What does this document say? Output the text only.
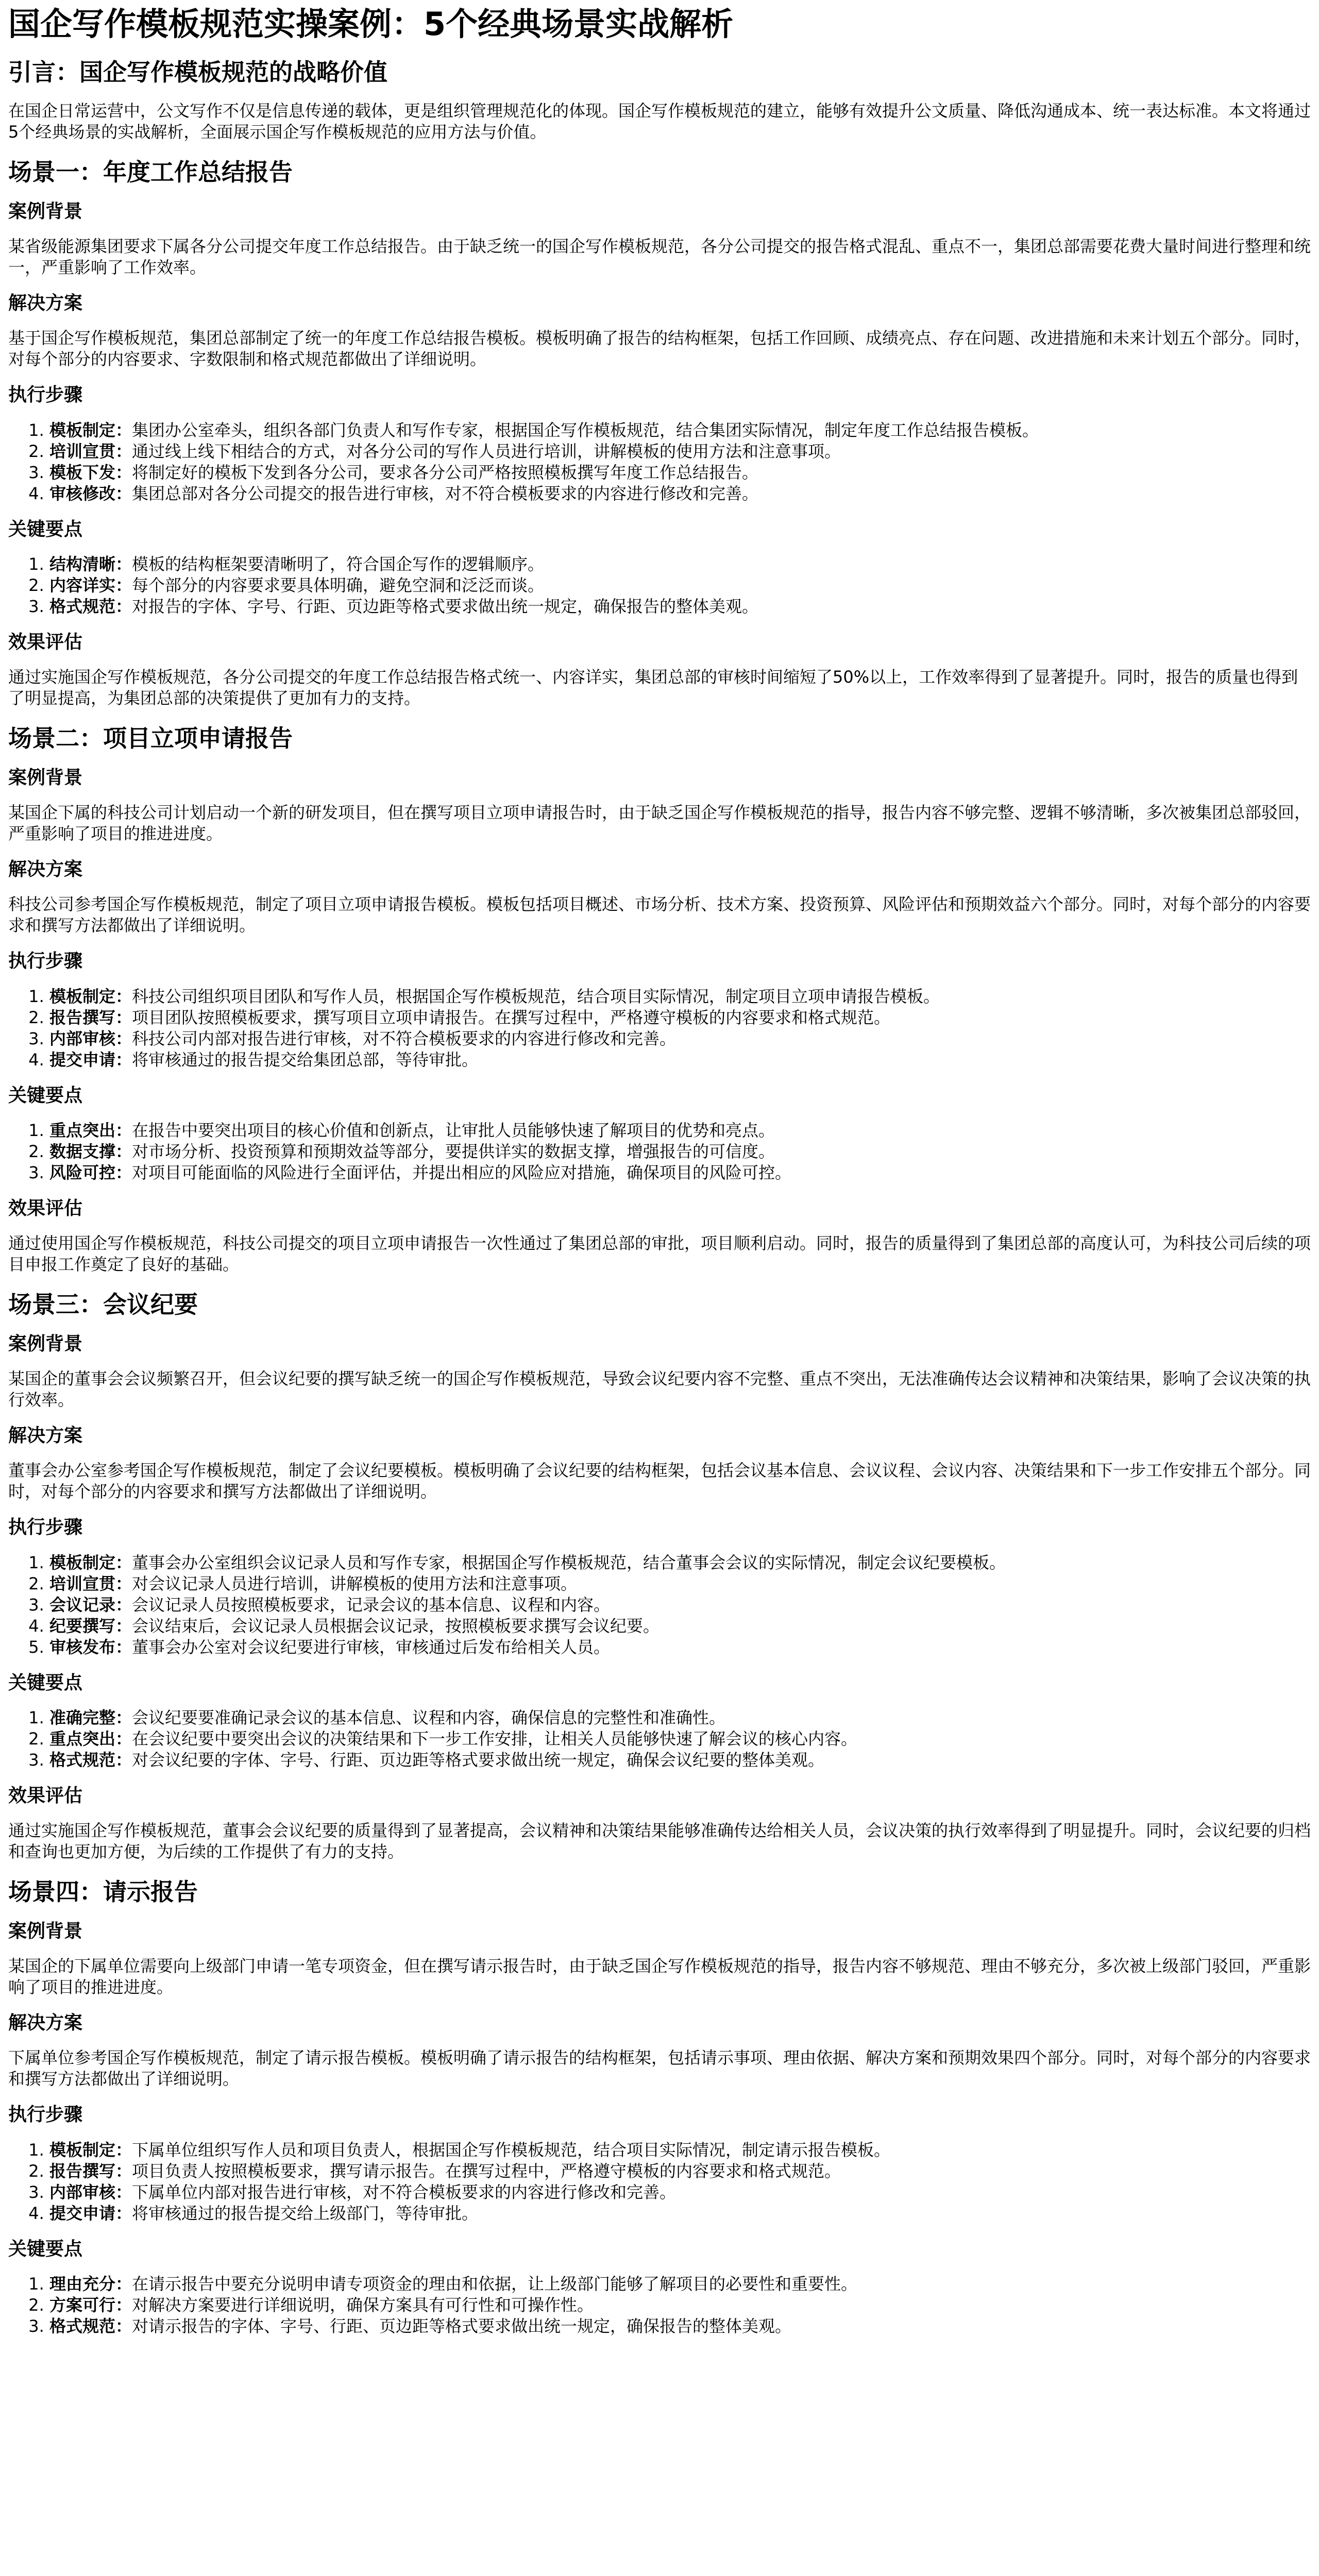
国企写作模板规范实操案例：5个经典场景实战解析
引言：国企写作模板规范的战略价值

在国企日常运营中，公文写作不仅是信息传递的载体，更是组织管理规范化的体现。国企写作模板规范的建立，能够有效提升公文质量、降低沟通成本、统一表达标准。本文将通过5个经典场景的实战解析，全面展示国企写作模板规范的应用方法与价值。

场景一：年度工作总结报告
案例背景

某省级能源集团要求下属各分公司提交年度工作总结报告。由于缺乏统一的国企写作模板规范，各分公司提交的报告格式混乱、重点不一，集团总部需要花费大量时间进行整理和统一，严重影响了工作效率。

解决方案

基于国企写作模板规范，集团总部制定了统一的年度工作总结报告模板。模板明确了报告的结构框架，包括工作回顾、成绩亮点、存在问题、改进措施和未来计划五个部分。同时，对每个部分的内容要求、字数限制和格式规范都做出了详细说明。

执行步骤
1. 模板制定：集团办公室牵头，组织各部门负责人和写作专家，根据国企写作模板规范，结合集团实际情况，制定年度工作总结报告模板。
2. 培训宣贯：通过线上线下相结合的方式，对各分公司的写作人员进行培训，讲解模板的使用方法和注意事项。
3. 模板下发：将制定好的模板下发到各分公司，要求各分公司严格按照模板撰写年度工作总结报告。
4. 审核修改：集团总部对各分公司提交的报告进行审核，对不符合模板要求的内容进行修改和完善。
关键要点
1. 结构清晰：模板的结构框架要清晰明了，符合国企写作的逻辑顺序。
2. 内容详实：每个部分的内容要求要具体明确，避免空洞和泛泛而谈。
3. 格式规范：对报告的字体、字号、行距、页边距等格式要求做出统一规定，确保报告的整体美观。
效果评估

通过实施国企写作模板规范，各分公司提交的年度工作总结报告格式统一、内容详实，集团总部的审核时间缩短了50%以上，工作效率得到了显著提升。同时，报告的质量也得到了明显提高，为集团总部的决策提供了更加有力的支持。

场景二：项目立项申请报告
案例背景

某国企下属的科技公司计划启动一个新的研发项目，但在撰写项目立项申请报告时，由于缺乏国企写作模板规范的指导，报告内容不够完整、逻辑不够清晰，多次被集团总部驳回，严重影响了项目的推进进度。

解决方案

科技公司参考国企写作模板规范，制定了项目立项申请报告模板。模板包括项目概述、市场分析、技术方案、投资预算、风险评估和预期效益六个部分。同时，对每个部分的内容要求和撰写方法都做出了详细说明。

执行步骤
1. 模板制定：科技公司组织项目团队和写作人员，根据国企写作模板规范，结合项目实际情况，制定项目立项申请报告模板。
2. 报告撰写：项目团队按照模板要求，撰写项目立项申请报告。在撰写过程中，严格遵守模板的内容要求和格式规范。
3. 内部审核：科技公司内部对报告进行审核，对不符合模板要求的内容进行修改和完善。
4. 提交申请：将审核通过的报告提交给集团总部，等待审批。
关键要点
1. 重点突出：在报告中要突出项目的核心价值和创新点，让审批人员能够快速了解项目的优势和亮点。
2. 数据支撑：对市场分析、投资预算和预期效益等部分，要提供详实的数据支撑，增强报告的可信度。
3. 风险可控：对项目可能面临的风险进行全面评估，并提出相应的风险应对措施，确保项目的风险可控。
效果评估

通过使用国企写作模板规范，科技公司提交的项目立项申请报告一次性通过了集团总部的审批，项目顺利启动。同时，报告的质量得到了集团总部的高度认可，为科技公司后续的项目申报工作奠定了良好的基础。

场景三：会议纪要
案例背景

某国企的董事会会议频繁召开，但会议纪要的撰写缺乏统一的国企写作模板规范，导致会议纪要内容不完整、重点不突出，无法准确传达会议精神和决策结果，影响了会议决策的执行效率。

解决方案

董事会办公室参考国企写作模板规范，制定了会议纪要模板。模板明确了会议纪要的结构框架，包括会议基本信息、会议议程、会议内容、决策结果和下一步工作安排五个部分。同时，对每个部分的内容要求和撰写方法都做出了详细说明。

执行步骤
1. 模板制定：董事会办公室组织会议记录人员和写作专家，根据国企写作模板规范，结合董事会会议的实际情况，制定会议纪要模板。
2. 培训宣贯：对会议记录人员进行培训，讲解模板的使用方法和注意事项。
3. 会议记录：会议记录人员按照模板要求，记录会议的基本信息、议程和内容。
4. 纪要撰写：会议结束后，会议记录人员根据会议记录，按照模板要求撰写会议纪要。
5. 审核发布：董事会办公室对会议纪要进行审核，审核通过后发布给相关人员。
关键要点
1. 准确完整：会议纪要要准确记录会议的基本信息、议程和内容，确保信息的完整性和准确性。
2. 重点突出：在会议纪要中要突出会议的决策结果和下一步工作安排，让相关人员能够快速了解会议的核心内容。
3. 格式规范：对会议纪要的字体、字号、行距、页边距等格式要求做出统一规定，确保会议纪要的整体美观。
效果评估

通过实施国企写作模板规范，董事会会议纪要的质量得到了显著提高，会议精神和决策结果能够准确传达给相关人员，会议决策的执行效率得到了明显提升。同时，会议纪要的归档和查询也更加方便，为后续的工作提供了有力的支持。

场景四：请示报告
案例背景

某国企的下属单位需要向上级部门申请一笔专项资金，但在撰写请示报告时，由于缺乏国企写作模板规范的指导，报告内容不够规范、理由不够充分，多次被上级部门驳回，严重影响了项目的推进进度。

解决方案

下属单位参考国企写作模板规范，制定了请示报告模板。模板明确了请示报告的结构框架，包括请示事项、理由依据、解决方案和预期效果四个部分。同时，对每个部分的内容要求和撰写方法都做出了详细说明。

执行步骤
1. 模板制定：下属单位组织写作人员和项目负责人，根据国企写作模板规范，结合项目实际情况，制定请示报告模板。
2. 报告撰写：项目负责人按照模板要求，撰写请示报告。在撰写过程中，严格遵守模板的内容要求和格式规范。
3. 内部审核：下属单位内部对报告进行审核，对不符合模板要求的内容进行修改和完善。
4. 提交申请：将审核通过的报告提交给上级部门，等待审批。
关键要点
1. 理由充分：在请示报告中要充分说明申请专项资金的理由和依据，让上级部门能够了解项目的必要性和重要性。
2. 方案可行：对解决方案要进行详细说明，确保方案具有可行性和可操作性。
3. 格式规范：对请示报告的字体、字号、行距、页边距等格式要求做出统一规定，确保报告的整体美观。
